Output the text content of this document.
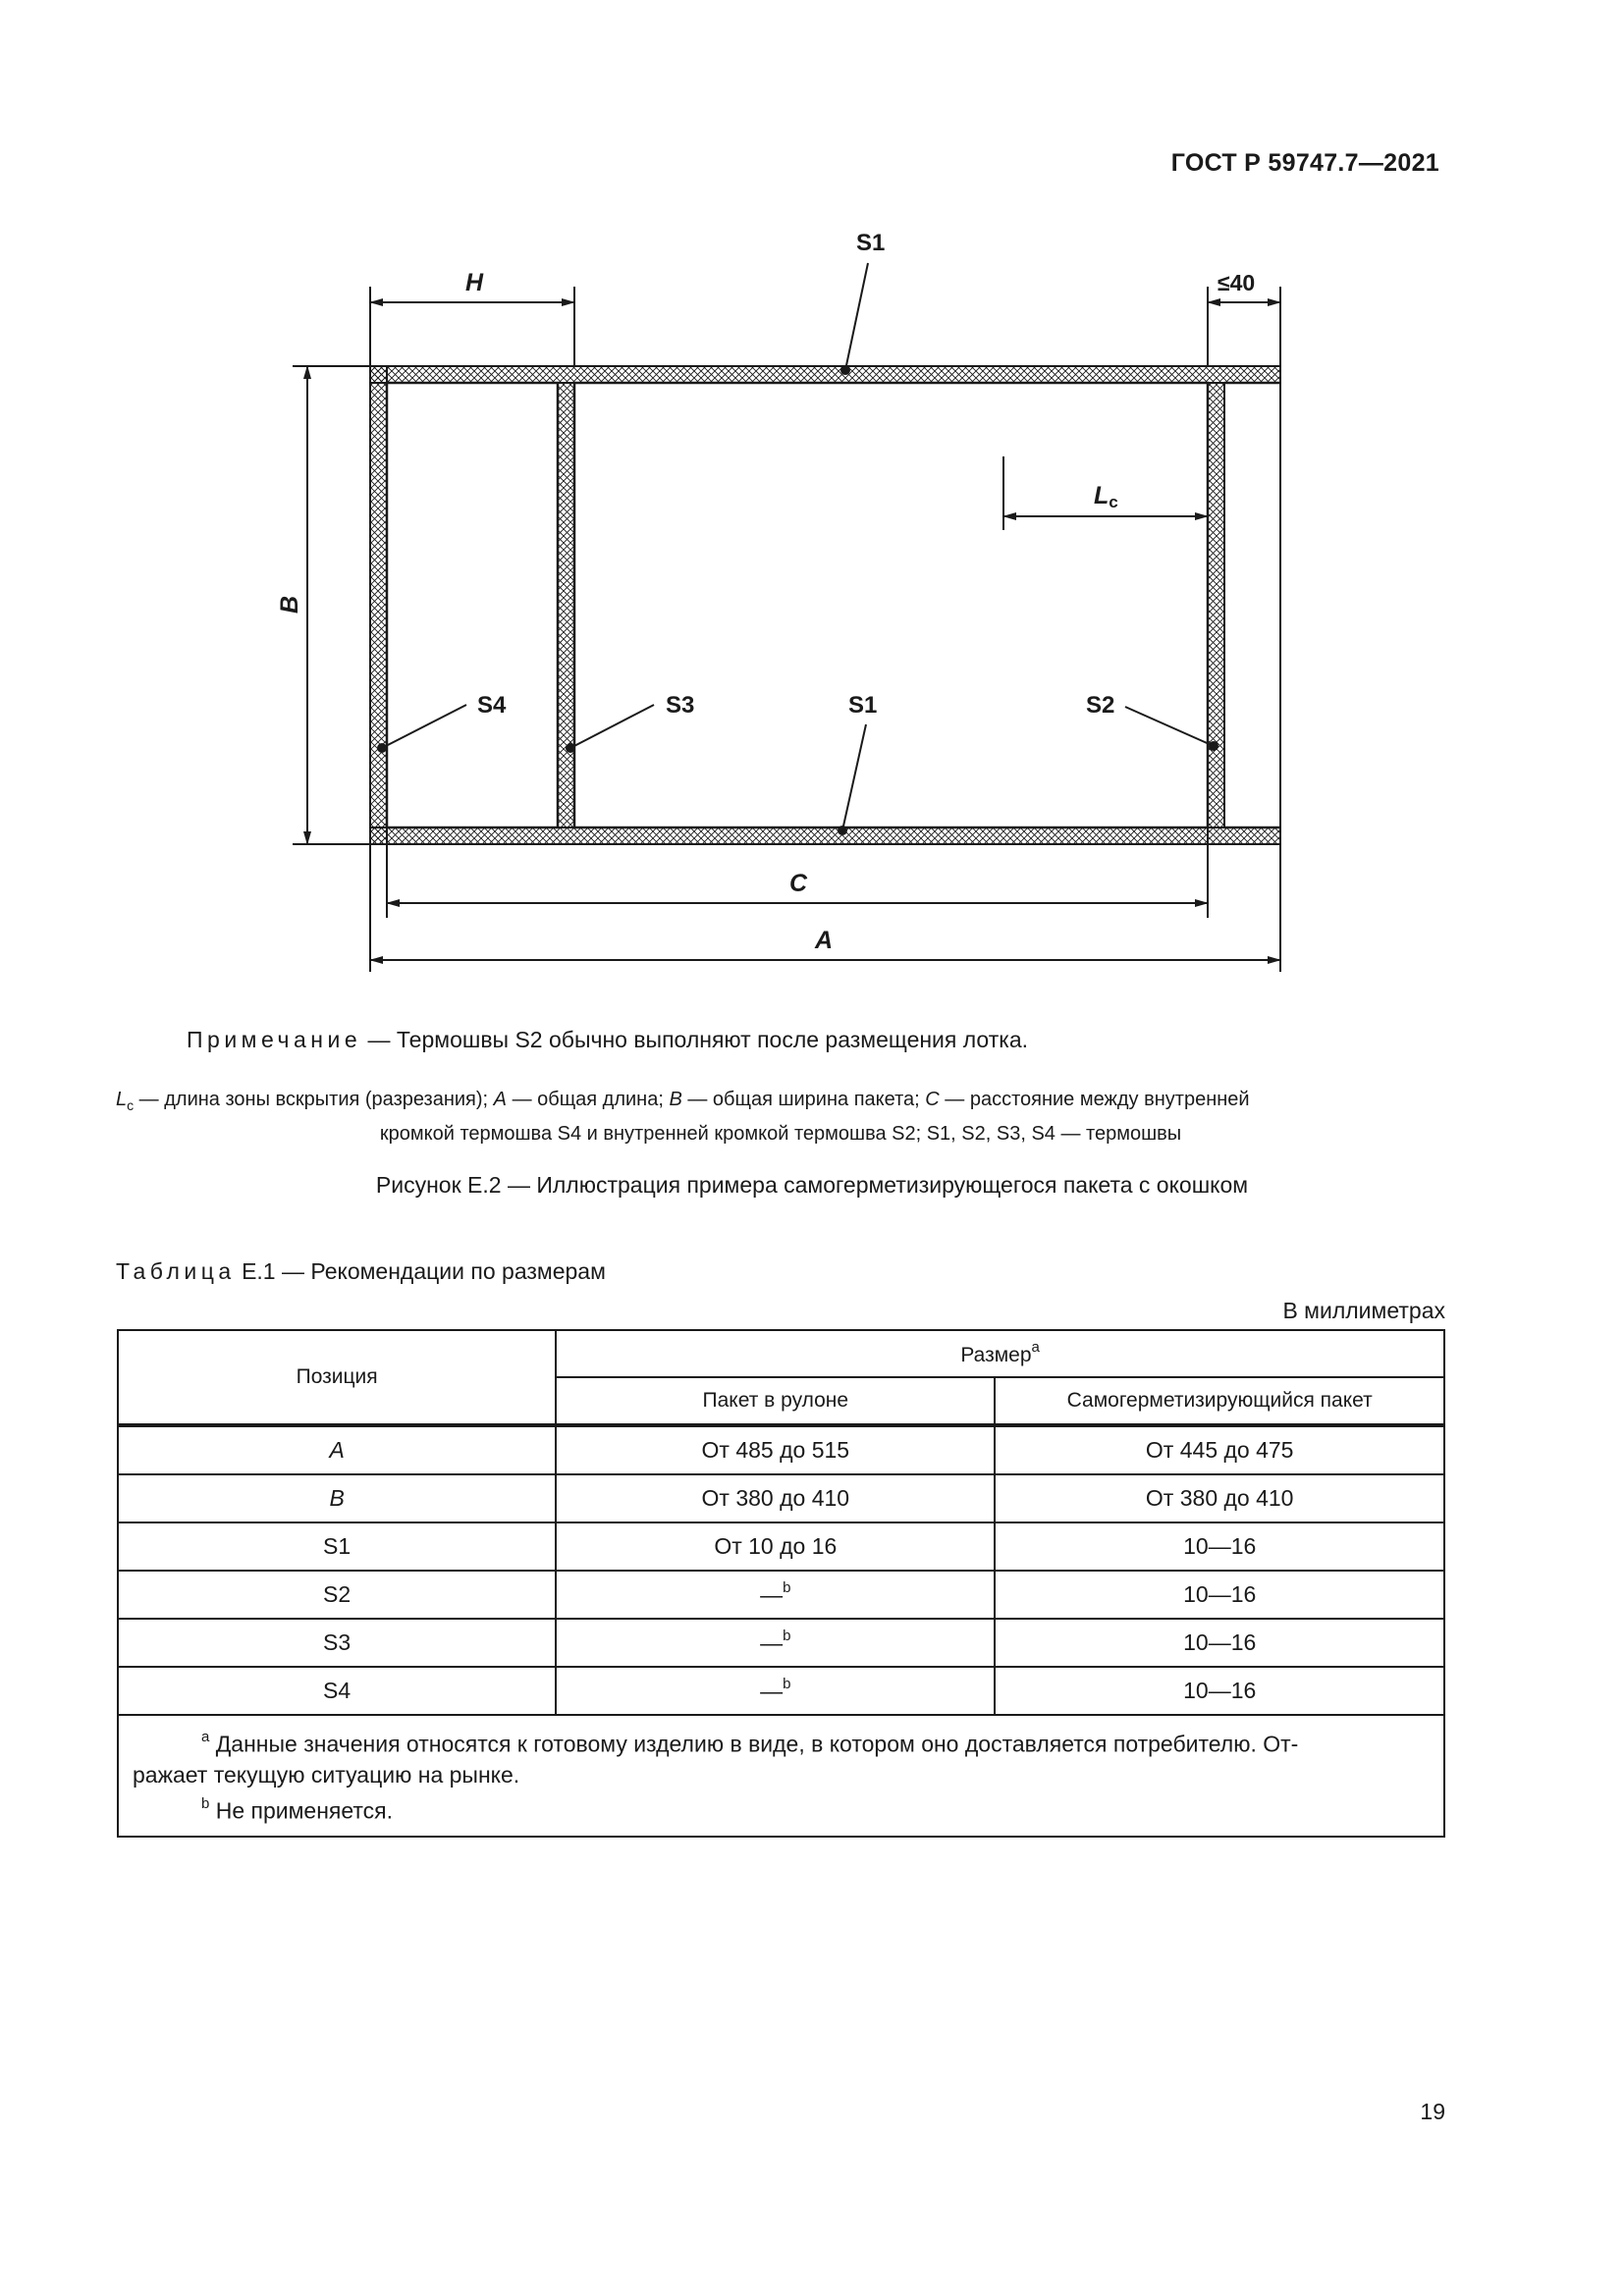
ГОСТ Р 59747.7—2021
S1
H	≤40
Lc
B
S4	S3	S1	S2
C
A
Примечание — Термошвы S2 обычно выполняют после размещения лотка.
$L_c$ — длина зоны вскрытия (разрезания); A — общая длина; B — общая ширина пакета; C — расстояние между внутренней
кромкой термошва S4 и внутренней кромкой термошва S2; S1, S2, S3, S4 — термошвы
Рисунок Е.2 — Иллюстрация примера самогерметизирующегося пакета с окошком
Таблица Е.1 — Рекомендации по размерам
В миллиметрах
Позиция	Размер$^a$
	Пакет в рулоне	Самогерметизирующийся пакет
A	От 485 до 515	От 445 до 475
B	От 380 до 410	От 380 до 410
S1	От 10 до 16	10—16
S2	—$^b$	10—16
S3	—$^b$	10—16
S4	—$^b$	10—16

$^a$ Данные значения относятся к готовому изделию в виде, в котором оно доставляется потребителю. От-
ражает текущую ситуацию на рынке.
$^b$ Не применяется.		
19
